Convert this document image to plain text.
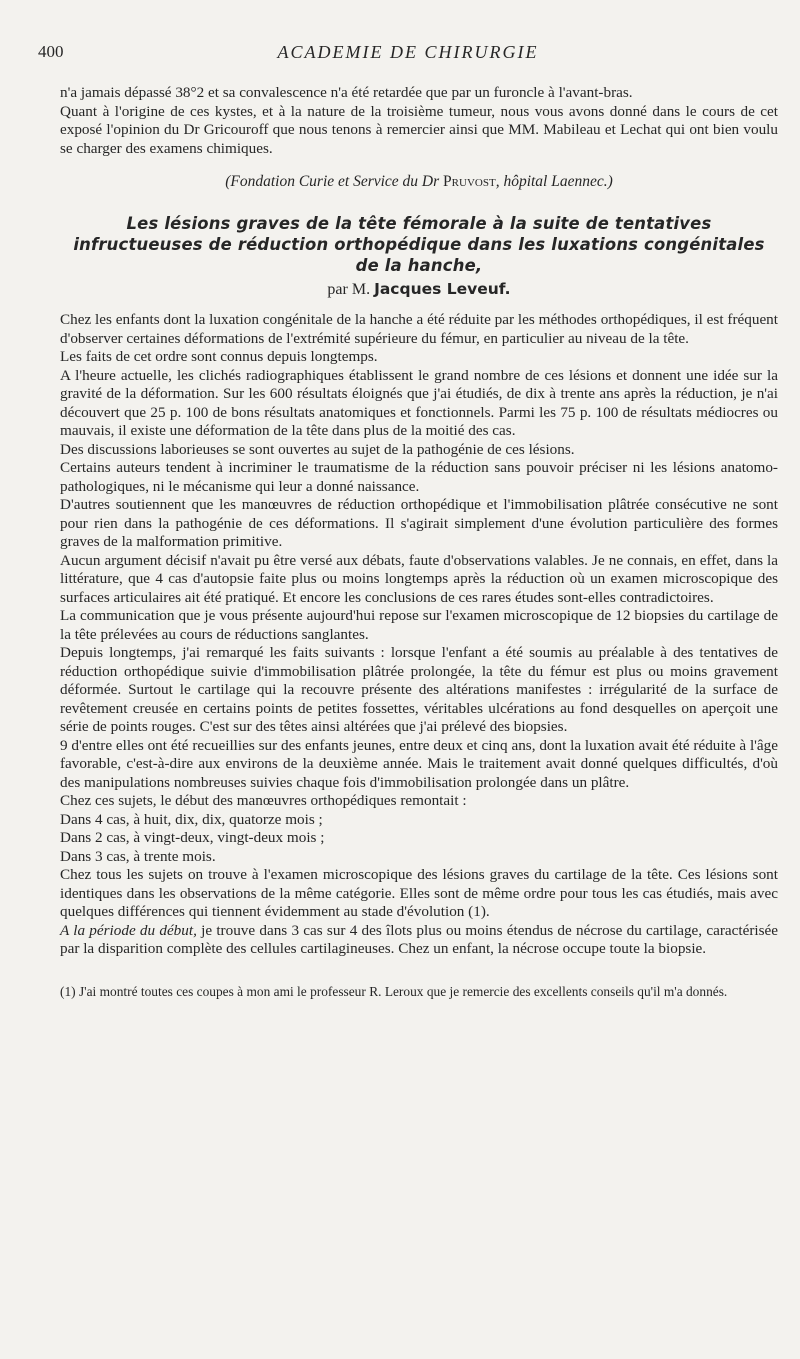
400	ACADEMIE DE CHIRURGIE

n'a jamais dépassé 38°2 et sa convalescence n'a été retardée que par un furoncle à l'avant-bras.

Quant à l'origine de ces kystes, et à la nature de la troisième tumeur, nous vous avons donné dans le cours de cet exposé l'opinion du Dr Gricouroff que nous tenons à remercier ainsi que MM. Mabileau et Lechat qui ont bien voulu se charger des examens chimiques.

(Fondation Curie et Service du Dr Pruvost, hôpital Laennec.)
Les lésions graves de la tête fémorale à la suite de tentatives infructueuses de réduction orthopédique dans les luxations congénitales de la hanche,
par M. Jacques Leveuf.

Chez les enfants dont la luxation congénitale de la hanche a été réduite par les méthodes orthopédiques, il est fréquent d'observer certaines déformations de l'extrémité supérieure du fémur, en particulier au niveau de la tête.

Les faits de cet ordre sont connus depuis longtemps.

A l'heure actuelle, les clichés radiographiques établissent le grand nombre de ces lésions et donnent une idée sur la gravité de la déformation. Sur les 600 résultats éloignés que j'ai étudiés, de dix à trente ans après la réduction, je n'ai découvert que 25 p. 100 de bons résultats anatomiques et fonctionnels. Parmi les 75 p. 100 de résultats médiocres ou mauvais, il existe une déformation de la tête dans plus de la moitié des cas.

Des discussions laborieuses se sont ouvertes au sujet de la pathogénie de ces lésions.

Certains auteurs tendent à incriminer le traumatisme de la réduction sans pouvoir préciser ni les lésions anatomo-pathologiques, ni le mécanisme qui leur a donné naissance.

D'autres soutiennent que les manœuvres de réduction orthopédique et l'immobilisation plâtrée consécutive ne sont pour rien dans la pathogénie de ces déformations. Il s'agirait simplement d'une évolution particulière des formes graves de la malformation primitive.

Aucun argument décisif n'avait pu être versé aux débats, faute d'observations valables. Je ne connais, en effet, dans la littérature, que 4 cas d'autopsie faite plus ou moins longtemps après la réduction où un examen microscopique des surfaces articulaires ait été pratiqué. Et encore les conclusions de ces rares études sont-elles contradictoires.

La communication que je vous présente aujourd'hui repose sur l'examen microscopique de 12 biopsies du cartilage de la tête prélevées au cours de réductions sanglantes.

Depuis longtemps, j'ai remarqué les faits suivants : lorsque l'enfant a été soumis au préalable à des tentatives de réduction orthopédique suivie d'immobilisation plâtrée prolongée, la tête du fémur est plus ou moins gravement déformée. Surtout le cartilage qui la recouvre présente des altérations manifestes : irrégularité de la surface de revêtement creusée en certains points de petites fossettes, véritables ulcérations au fond desquelles on aperçoit une série de points rouges. C'est sur des têtes ainsi altérées que j'ai prélevé des biopsies.

9 d'entre elles ont été recueillies sur des enfants jeunes, entre deux et cinq ans, dont la luxation avait été réduite à l'âge favorable, c'est-à-dire aux environs de la deuxième année. Mais le traitement avait donné quelques difficultés, d'où des manipulations nombreuses suivies chaque fois d'immobilisation prolongée dans un plâtre.

Chez ces sujets, le début des manœuvres orthopédiques remontait :

Dans 4 cas, à huit, dix, dix, quatorze mois ;

Dans 2 cas, à vingt-deux, vingt-deux mois ;

Dans 3 cas, à trente mois.

Chez tous les sujets on trouve à l'examen microscopique des lésions graves du cartilage de la tête. Ces lésions sont identiques dans les observations de la même catégorie. Elles sont de même ordre pour tous les cas étudiés, mais avec quelques différences qui tiennent évidemment au stade d'évolution (1).

A la période du début, je trouve dans 3 cas sur 4 des îlots plus ou moins étendus de nécrose du cartilage, caractérisée par la disparition complète des cellules cartilagineuses. Chez un enfant, la nécrose occupe toute la biopsie.

(1) J'ai montré toutes ces coupes à mon ami le professeur R. Leroux que je remercie des excellents conseils qu'il m'a donnés.
